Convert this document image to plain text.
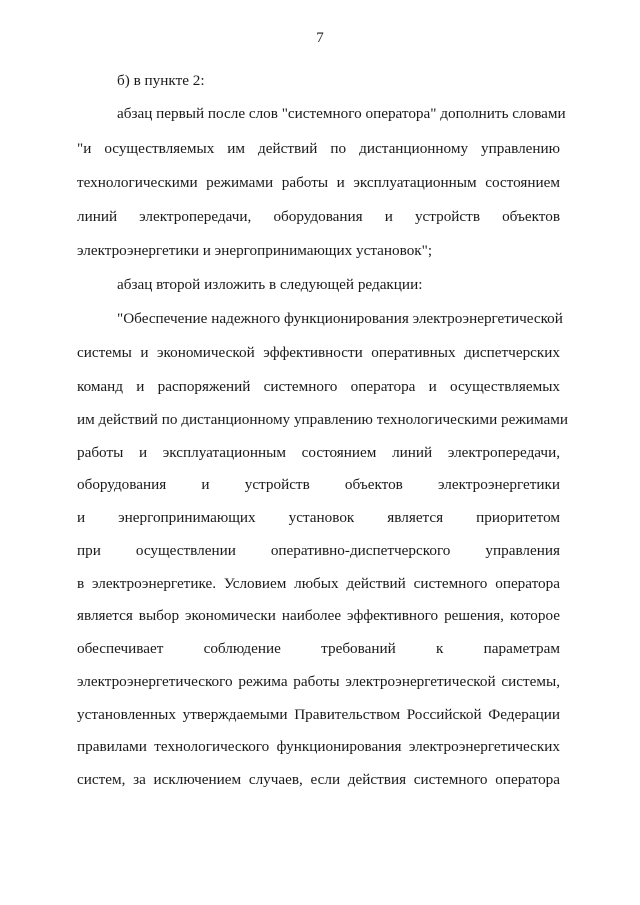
7
б) в пункте 2:
абзац первый после слов "системного оператора" дополнить словами
"и осуществляемых им действий по дистанционному управлению
технологическими режимами работы и эксплуатационным состоянием
линий электропередачи, оборудования и устройств объектов
электроэнергетики и энергопринимающих установок";
абзац второй изложить в следующей редакции:
"Обеспечение надежного функционирования электроэнергетической
системы и экономической эффективности оперативных диспетчерских
команд и распоряжений системного оператора и осуществляемых
им действий по дистанционному управлению технологическими режимами
работы и эксплуатационным состоянием линий электропередачи,
оборудования и устройств объектов электроэнергетики
и энергопринимающих установок является приоритетом
при осуществлении оперативно-диспетчерского управления
в электроэнергетике. Условием любых действий системного оператора
является выбор экономически наиболее эффективного решения, которое
обеспечивает соблюдение требований к параметрам
электроэнергетического режима работы электроэнергетической системы,
установленных утверждаемыми Правительством Российской Федерации
правилами технологического функционирования электроэнергетических
систем, за исключением случаев, если действия системного оператора
